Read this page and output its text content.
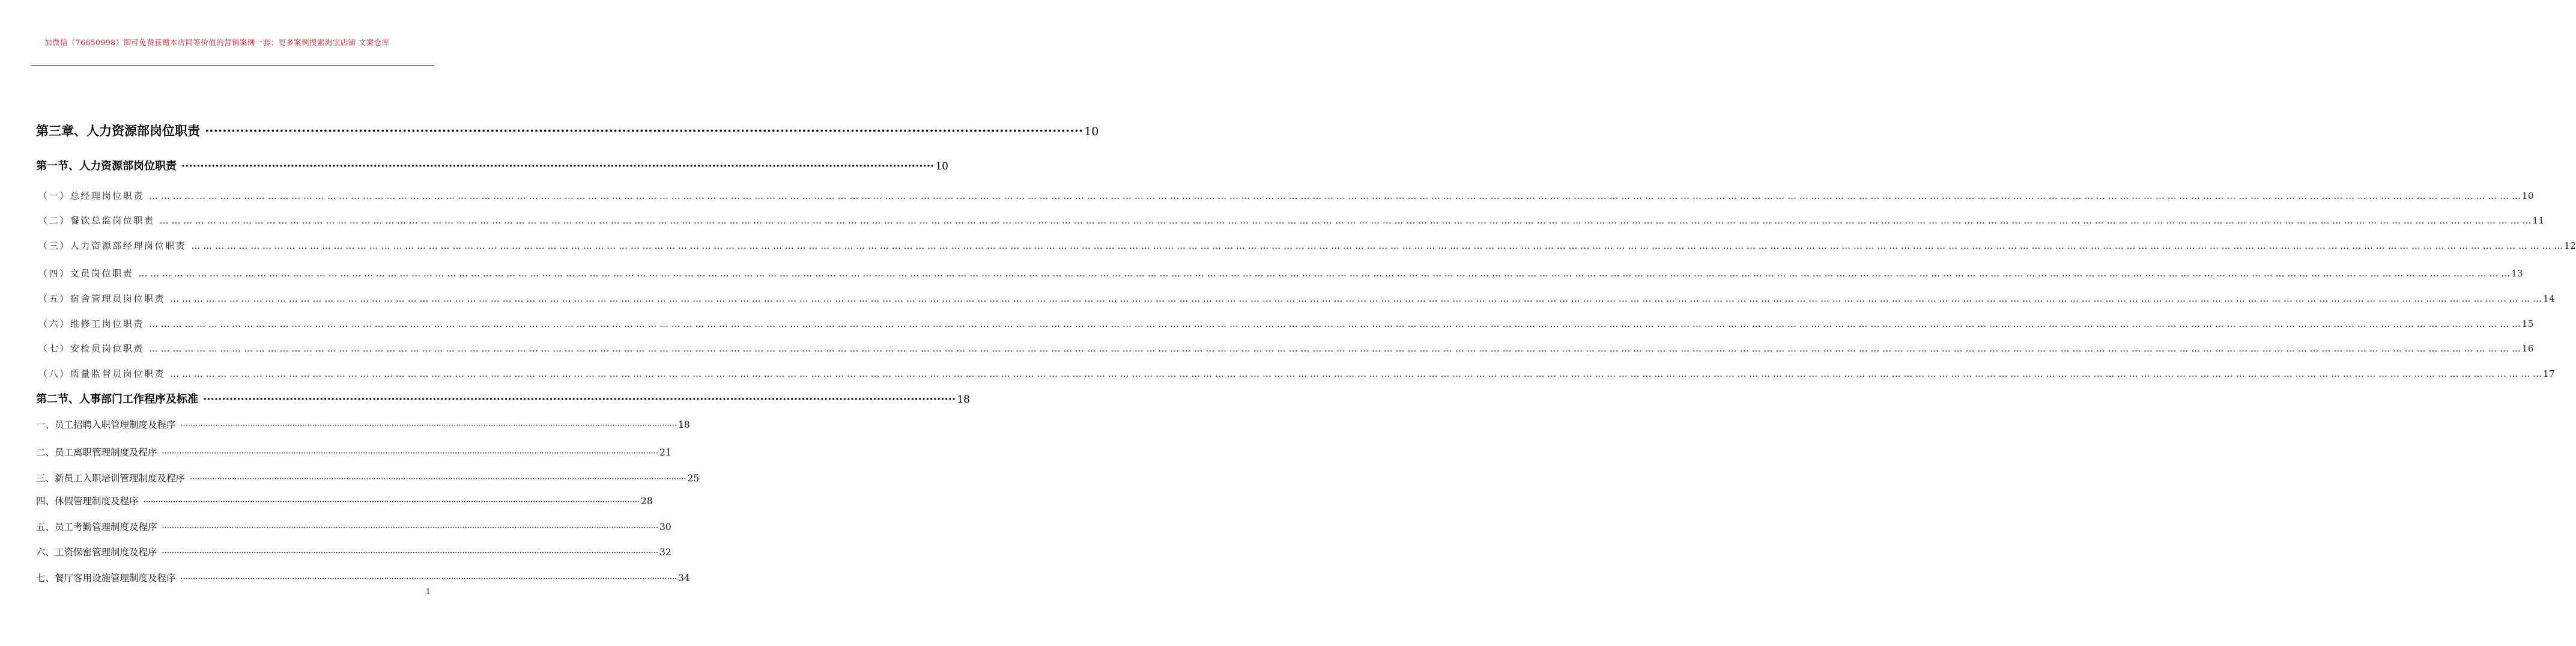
加微信（76650998）即可免费获赠本店同等价值的营销案例一套；更多案例搜索淘宝店铺 文案仓库
第三章、人力资源部岗位职责 ········································································································································································································ 10
第一节、人力资源部岗位职责 ········································································································································································································ 10
（一）总经理岗位职责 … … … … … … … … … … … … … … … … … … … … … … … … … … … … … … … … … … … … … … … … … … … … … … … … … … … … … … … … … … … … … … … … … … … … … … … … … … … … … … … … … … … … … … … … … … … … … … … … … … … … … … … … … … … … … … … … … … … … … … … … … … … … … … … … … … … … … … … … … … … … … … … … … … … … … … … … … … … … … … … … … … … … … … … … … … … … … … … … … … … … … … … … … … … … … … … … … … … … … … … … 10
（二）餐饮总监岗位职责 … … … … … … … … … … … … … … … … … … … … … … … … … … … … … … … … … … … … … … … … … … … … … … … … … … … … … … … … … … … … … … … … … … … … … … … … … … … … … … … … … … … … … … … … … … … … … … … … … … … … … … … … … … … … … … … … … … … … … … … … … … … … … … … … … … … … … … … … … … … … … … … … … … … … … … … … … … … … … … … … … … … … … … … … … … … … … … … … … … … … … … … … … … … … … … … … … … … … … … … … 11
（三）人力资源部经理岗位职责 … … … … … … … … … … … … … … … … … … … … … … … … … … … … … … … … … … … … … … … … … … … … … … … … … … … … … … … … … … … … … … … … … … … … … … … … … … … … … … … … … … … … … … … … … … … … … … … … … … … … … … … … … … … … … … … … … … … … … … … … … … … … … … … … … … … … … … … … … … … … … … … … … … … … … … … … … … … … … … … … … … … … … … … … … … … … … … … … … … … … … … … … … … … … … … … … … … … … … … … … 12
（四）文员岗位职责 … … … … … … … … … … … … … … … … … … … … … … … … … … … … … … … … … … … … … … … … … … … … … … … … … … … … … … … … … … … … … … … … … … … … … … … … … … … … … … … … … … … … … … … … … … … … … … … … … … … … … … … … … … … … … … … … … … … … … … … … … … … … … … … … … … … … … … … … … … … … … … … … … … … … … … … … … … … … … … … … … … … … … … … … … … … … … … … … … … … … … … … … … … … … … … … … … … … … … … … … 13
（五）宿舍管理员岗位职责 … … … … … … … … … … … … … … … … … … … … … … … … … … … … … … … … … … … … … … … … … … … … … … … … … … … … … … … … … … … … … … … … … … … … … … … … … … … … … … … … … … … … … … … … … … … … … … … … … … … … … … … … … … … … … … … … … … … … … … … … … … … … … … … … … … … … … … … … … … … … … … … … … … … … … … … … … … … … … … … … … … … … … … … … … … … … … … … … … … … … … … … … … … … … … … … … … … … … … … … … 14
（六）维修工岗位职责 … … … … … … … … … … … … … … … … … … … … … … … … … … … … … … … … … … … … … … … … … … … … … … … … … … … … … … … … … … … … … … … … … … … … … … … … … … … … … … … … … … … … … … … … … … … … … … … … … … … … … … … … … … … … … … … … … … … … … … … … … … … … … … … … … … … … … … … … … … … … … … … … … … … … … … … … … … … … … … … … … … … … … … … … … … … … … … … … … … … … … … … … … … … … … … … … … … … … … … … … 15
（七）安检员岗位职责 … … … … … … … … … … … … … … … … … … … … … … … … … … … … … … … … … … … … … … … … … … … … … … … … … … … … … … … … … … … … … … … … … … … … … … … … … … … … … … … … … … … … … … … … … … … … … … … … … … … … … … … … … … … … … … … … … … … … … … … … … … … … … … … … … … … … … … … … … … … … … … … … … … … … … … … … … … … … … … … … … … … … … … … … … … … … … … … … … … … … … … … … … … … … … … … … … … … … … … … … 16
（八）质量监督员岗位职责 … … … … … … … … … … … … … … … … … … … … … … … … … … … … … … … … … … … … … … … … … … … … … … … … … … … … … … … … … … … … … … … … … … … … … … … … … … … … … … … … … … … … … … … … … … … … … … … … … … … … … … … … … … … … … … … … … … … … … … … … … … … … … … … … … … … … … … … … … … … … … … … … … … … … … … … … … … … … … … … … … … … … … … … … … … … … … … … … … … … … … … … … … … … … … … … … … … … … … … … … 17
第二节、人事部门工作程序及标准 ········································································································································································································ 18
一、员工招聘入职管理制度及程序 ········································································································································································································ 18
二、员工离职管理制度及程序 ········································································································································································································ 21
三、新员工入职培训管理制度及程序 ········································································································································································································ 25
四、休假管理制度及程序 ········································································································································································································ 28
五、员工考勤管理制度及程序 ········································································································································································································ 30
六、工资保密管理制度及程序 ········································································································································································································ 32
七、餐厅客用设施管理制度及程序 ········································································································································································································ 34
1
